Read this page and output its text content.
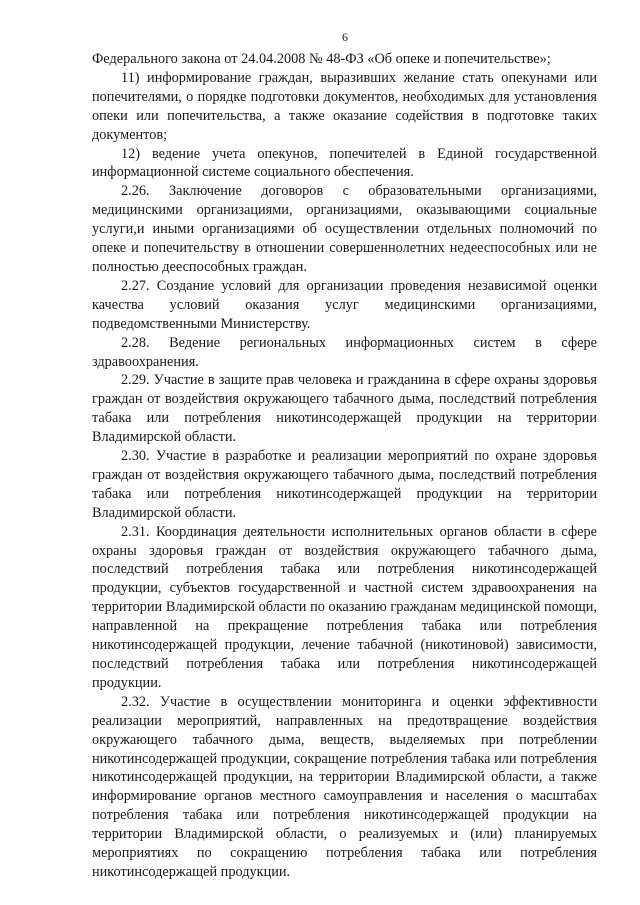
6

Федерального закона от 24.04.2008 № 48-ФЗ «Об опеке и попечительстве»;

11) информирование граждан, выразивших желание стать опекунами или попечителями, о порядке подготовки документов, необходимых для установления опеки или попечительства, а также оказание содействия в подготовке таких документов;

12) ведение учета опекунов, попечителей в Единой государственной информационной системе социального обеспечения.

2.26. Заключение договоров с образовательными организациями, медицинскими организациями, организациями, оказывающими социальные услуги,и иными организациями об осуществлении отдельных полномочий по опеке и попечительству в отношении совершеннолетних недееспособных или не полностью дееспособных граждан.

2.27. Создание условий для организации проведения независимой оценки качества условий оказания услуг медицинскими организациями, подведомственными Министерству.

2.28. Ведение региональных информационных систем в сфере здравоохранения.

2.29. Участие в защите прав человека и гражданина в сфере охраны здоровья граждан от воздействия окружающего табачного дыма, последствий потребления табака или потребления никотинсодержащей продукции на территории Владимирской области.

2.30. Участие в разработке и реализации мероприятий по охране здоровья граждан от воздействия окружающего табачного дыма, последствий потребления табака или потребления никотинсодержащей продукции на территории Владимирской области.

2.31. Координация деятельности исполнительных органов области в сфере охраны здоровья граждан от воздействия окружающего табачного дыма, последствий потребления табака или потребления никотинсодержащей продукции, субъектов государственной и частной систем здравоохранения на территории Владимирской области по оказанию гражданам медицинской помощи, направленной на прекращение потребления табака или потребления никотинсодержащей продукции, лечение табачной (никотиновой) зависимости, последствий потребления табака или потребления никотинсодержащей продукции.

2.32. Участие в осуществлении мониторинга и оценки эффективности реализации мероприятий, направленных на предотвращение воздействия окружающего табачного дыма, веществ, выделяемых при потреблении никотинсодержащей продукции, сокращение потребления табака или потребления никотинсодержащей продукции, на территории Владимирской области, а также информирование органов местного самоуправления и населения о масштабах потребления табака или потребления никотинсодержащей продукции на территории Владимирской области, о реализуемых и (или) планируемых мероприятиях по сокращению потребления табака или потребления никотинсодержащей продукции.
